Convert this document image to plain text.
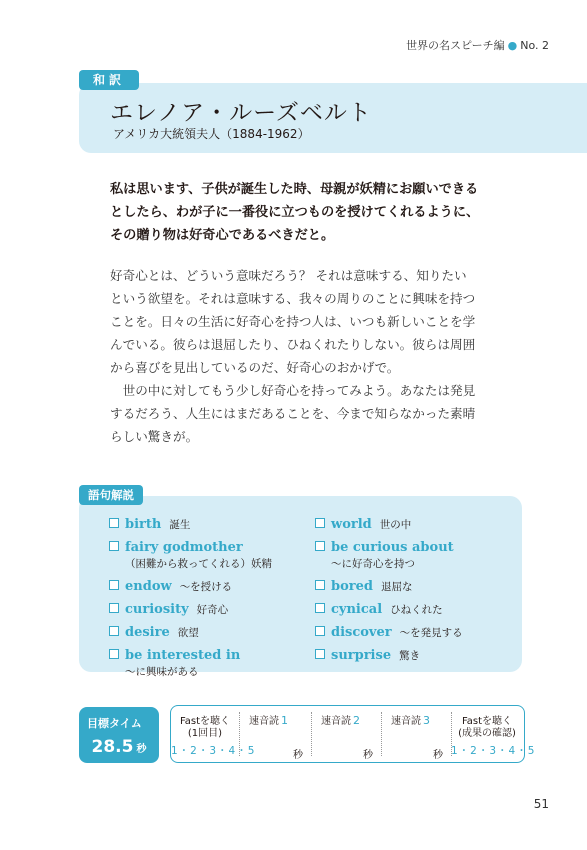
世界の名スピーチ編 ● No. 2
和訳
エレノア・ルーズベルト
アメリカ大統領夫人（1884-1962）
私は思います、子供が誕生した時、母親が妖精にお願いできる
としたら、わが子に一番役に立つものを授けてくれるように、
その贈り物は好奇心であるべきだと。
好奇心とは、どういう意味だろう？ それは意味する、知りたい
という欲望を。それは意味する、我々の周りのことに興味を持つ
ことを。日々の生活に好奇心を持つ人は、いつも新しいことを学
んでいる。彼らは退屈したり、ひねくれたりしない。彼らは周囲
から喜びを見出しているのだ、好奇心のおかげで。
　世の中に対してもう少し好奇心を持ってみよう。あなたは発見
するだろう、人生にはまだあることを、今まで知らなかった素晴
らしい驚きが。
語句解説
birth 誕生
fairy godmother
（困難から救ってくれる）妖精
endow ～を授ける
curiosity 好奇心
desire 欲望
be interested in
～に興味がある
world 世の中
be curious about
～に好奇心を持つ
bored 退屈な
cynical ひねくれた
discover ～を発見する
surprise 驚き
目標タイム
28.5 秒
Fastを聴く
(1回目)
1・2・3・4・5
速音読 1
秒
速音読 2
秒
速音読 3
秒
Fastを聴く
(成果の確認)
1・2・3・4・5
51
